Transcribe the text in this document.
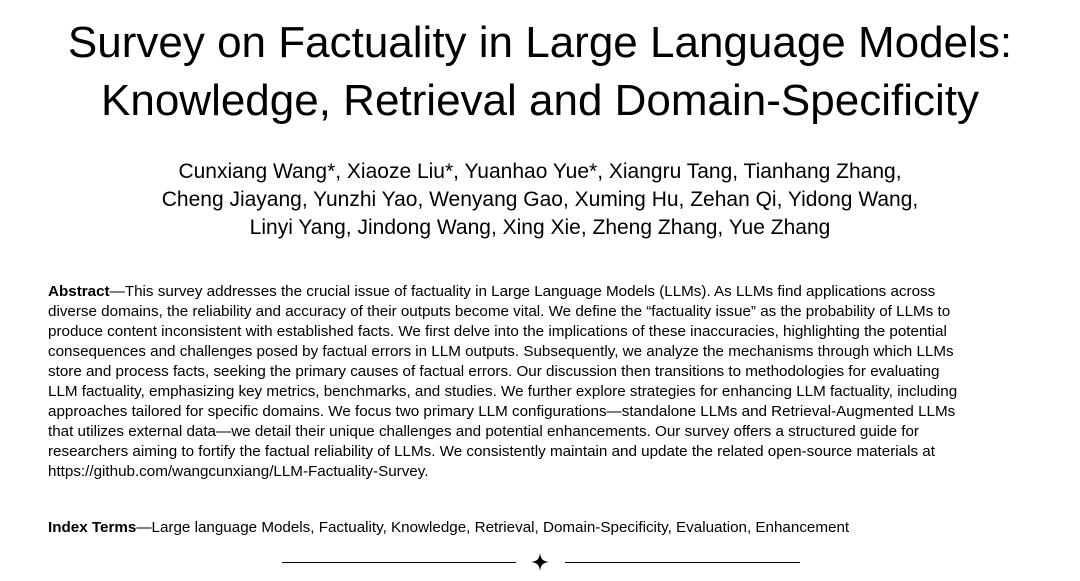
Survey on Factuality in Large Language Models:
Knowledge, Retrieval and Domain-Specificity
Cunxiang Wang*, Xiaoze Liu*, Yuanhao Yue*, Xiangru Tang, Tianhang Zhang,
Cheng Jiayang, Yunzhi Yao, Wenyang Gao, Xuming Hu, Zehan Qi, Yidong Wang,
Linyi Yang, Jindong Wang, Xing Xie, Zheng Zhang, Yue Zhang
Abstract—This survey addresses the crucial issue of factuality in Large Language Models (LLMs). As LLMs find applications across
diverse domains, the reliability and accuracy of their outputs become vital. We define the “factuality issue” as the probability of LLMs to
produce content inconsistent with established facts. We first delve into the implications of these inaccuracies, highlighting the potential
consequences and challenges posed by factual errors in LLM outputs. Subsequently, we analyze the mechanisms through which LLMs
store and process facts, seeking the primary causes of factual errors. Our discussion then transitions to methodologies for evaluating
LLM factuality, emphasizing key metrics, benchmarks, and studies. We further explore strategies for enhancing LLM factuality, including
approaches tailored for specific domains. We focus two primary LLM configurations—standalone LLMs and Retrieval-Augmented LLMs
that utilizes external data—we detail their unique challenges and potential enhancements. Our survey offers a structured guide for
researchers aiming to fortify the factual reliability of LLMs. We consistently maintain and update the related open-source materials at
https://github.com/wangcunxiang/LLM-Factuality-Survey.
Index Terms—Large language Models, Factuality, Knowledge, Retrieval, Domain-Specificity, Evaluation, Enhancement
